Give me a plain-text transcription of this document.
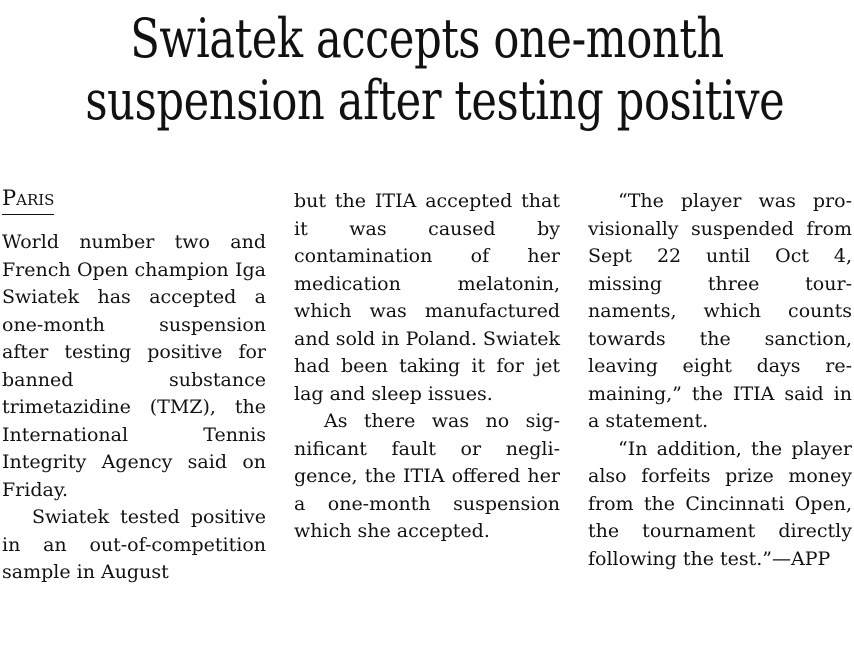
Swiatek accepts one-month
suspension after testing positive
Paris

World number two and French Open champion Iga Swiatek has accepted a one-month suspension after testing positive for banned substance trimetazidine (TMZ), the International Tennis Integrity Agency said on Friday.

Swiatek tested positive in an out-of-competition sample in August

but the ITIA accepted that it was caused by contamination of her medication melatonin, which was manufactured and sold in Poland. Swiatek had been taking it for jet lag and sleep issues.

As there was no significant fault or negligence, the ITIA offered her a one-month suspension which she accepted.

“The player was provisionally suspended from Sept 22 until Oct 4, missing three tournaments, which counts towards the sanction, leaving eight days remaining,” the ITIA said in a statement.

“In addition, the player also forfeits prize money from the Cincinnati Open, the tournament directly following the test.”—APP
